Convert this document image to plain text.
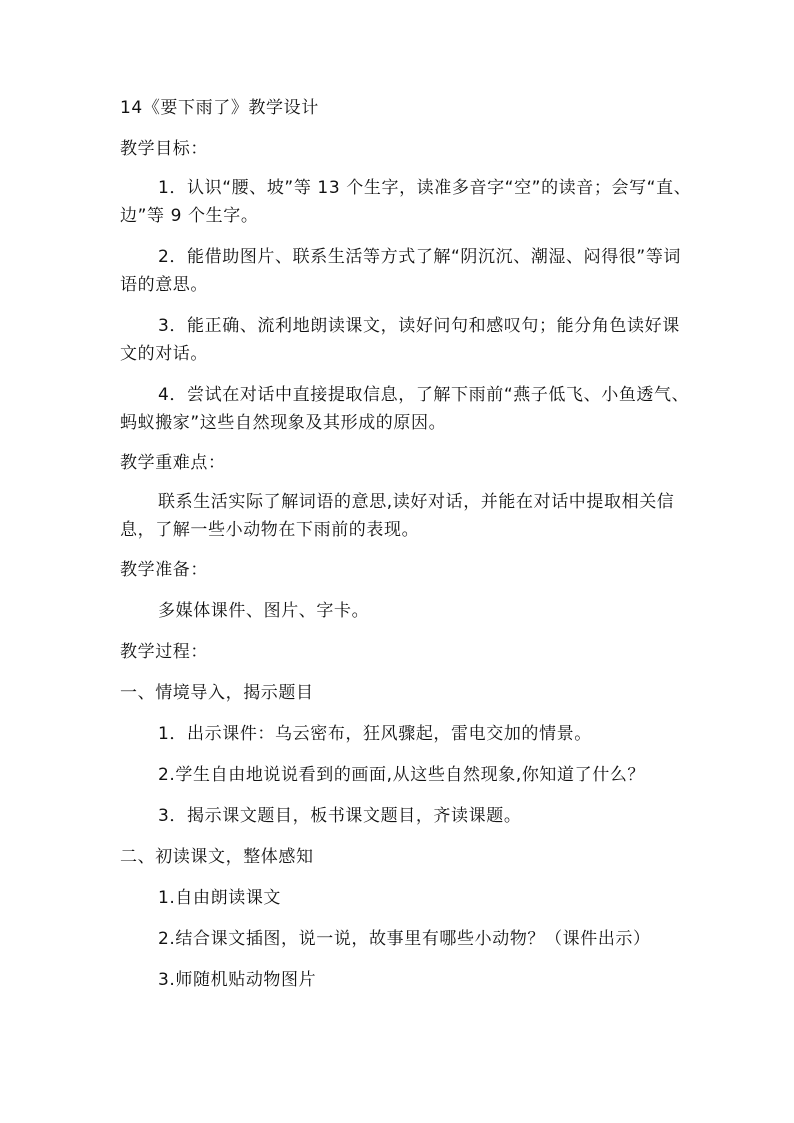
14《要下雨了》教学设计
教学目标：
1．认识“腰、坡”等 13 个生字，读准多音字“空”的读音；会写“直、边”等 9 个生字。
2．能借助图片、联系生活等方式了解“阴沉沉、潮湿、闷得很”等词语的意思。
3．能正确、流利地朗读课文，读好问句和感叹句；能分角色读好课文的对话。
4．尝试在对话中直接提取信息，了解下雨前“燕子低飞、小鱼透气、蚂蚁搬家”这些自然现象及其形成的原因。
教学重难点：
联系生活实际了解词语的意思,读好对话，并能在对话中提取相关信息，了解一些小动物在下雨前的表现。
教学准备：
多媒体课件、图片、字卡。
教学过程：
一、情境导入，揭示题目
1．出示课件：乌云密布，狂风骤起，雷电交加的情景。
2.学生自由地说说看到的画面,从这些自然现象,你知道了什么？
3．揭示课文题目，板书课文题目，齐读课题。
二、初读课文，整体感知
1.自由朗读课文
2.结合课文插图，说一说，故事里有哪些小动物？（课件出示）
3.师随机贴动物图片
